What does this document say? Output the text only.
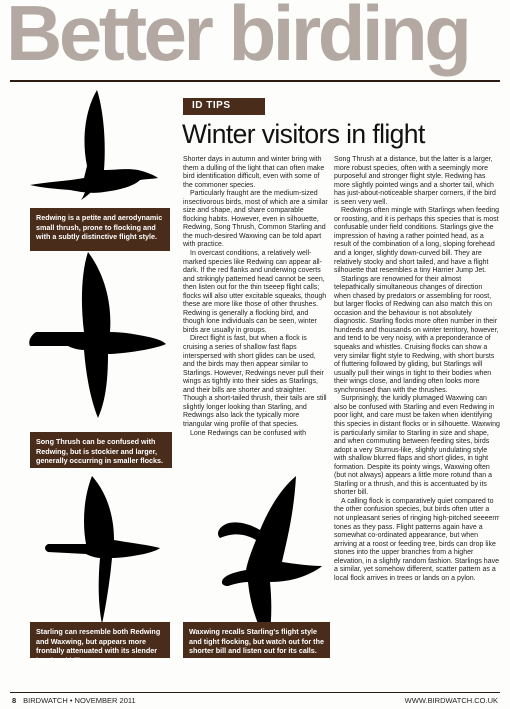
Better birding
Redwing is a petite and aerodynamic small thrush, prone to flocking and with a subtly distinctive flight style.
Song Thrush can be confused with Redwing, but is stockier and larger, generally occurring in smaller flocks.
Starling can resemble both Redwing and Waxwing, but appears more frontally attenuated with its slender head and bill.
Waxwing recalls Starling's flight style and tight flocking, but watch out for the shorter bill and listen out for its calls.
ID TIPS
Winter visitors in flight

Shorter days in autumn and winter bring with them a dulling of the light that can often make bird identification difficult, even with some of the commoner species.

Particularly fraught are the medium-sized insectivorous birds, most of which are a similar size and shape, and share comparable flocking habits. However, even in silhouette, Redwing, Song Thrush, Common Starling and the much-desired Waxwing can be told apart with practice.

In overcast conditions, a relatively well-marked species like Redwing can appear all-dark. If the red flanks and underwing coverts and strikingly patterned head cannot be seen, then listen out for the thin tseeep flight calls; flocks will also utter excitable squeaks, though these are more like those of other thrushes. Redwing is generally a flocking bird, and though lone individuals can be seen, winter birds are usually in groups.

Direct flight is fast, but when a flock is cruising a series of shallow fast flaps interspersed with short glides can be used, and the birds may then appear similar to Starlings. However, Redwings never pull their wings as tightly into their sides as Starlings, and their bills are shorter and straighter. Though a short-tailed thrush, their tails are still slightly longer looking than Starling, and Redwings also lack the typically more triangular wing profile of that species.

Lone Redwings can be confused with

Song Thrush at a distance, but the latter is a larger, more robust species, often with a seemingly more purposeful and stronger flight style. Redwing has more slightly pointed wings and a shorter tail, which has just-about-noticeable sharper corners, if the bird is seen very well.

Redwings often mingle with Starlings when feeding or roosting, and it is perhaps this species that is most confusable under field conditions. Starlings give the impression of having a rather pointed head, as a result of the combination of a long, sloping forehead and a longer, slightly down-curved bill. They are relatively stocky and short tailed, and have a flight silhouette that resembles a tiny Harrier Jump Jet.

Starlings are renowned for their almost telepathically simultaneous changes of direction when chased by predators or assembling for roost, but larger flocks of Redwing can also match this on occasion and the behaviour is not absolutely diagnostic. Starling flocks more often number in their hundreds and thousands on winter territory, however, and tend to be very noisy, with a preponderance of squeaks and whistles. Cruising flocks can show a very similar flight style to Redwing, with short bursts of fluttering followed by gliding, but Starlings will usually pull their wings in tight to their bodies when their wings close, and landing often looks more synchronised than with the thrushes.

Surprisingly, the luridly plumaged Waxwing can also be confused with Starling and even Redwing in poor light, and care must be taken when identifying this species in distant flocks or in silhouette. Waxwing is particularly similar to Starling in size and shape, and when commuting between feeding sites, birds adopt a very Sturnus-like, slightly undulating style with shallow blurred flaps and short glides, in tight formation. Despite its pointy wings, Waxwing often (but not always) appears a little more rotund than a Starling or a thrush, and this is accentuated by its shorter bill.

A calling flock is comparatively quiet compared to the other confusion species, but birds often utter a not unpleasant series of ringing high-pitched seeeerrr tones as they pass. Flight patterns again have a somewhat co-ordinated appearance, but when arriving at a roost or feeding tree, birds can drop like stones into the upper branches from a higher elevation, in a slightly random fashion. Starlings have a similar, yet somehow different, scatter pattern as a local flock arrives in trees or lands on a pylon.

8 BIRDWATCH • NOVEMBER 2011	WWW.BIRDWATCH.CO.UK
